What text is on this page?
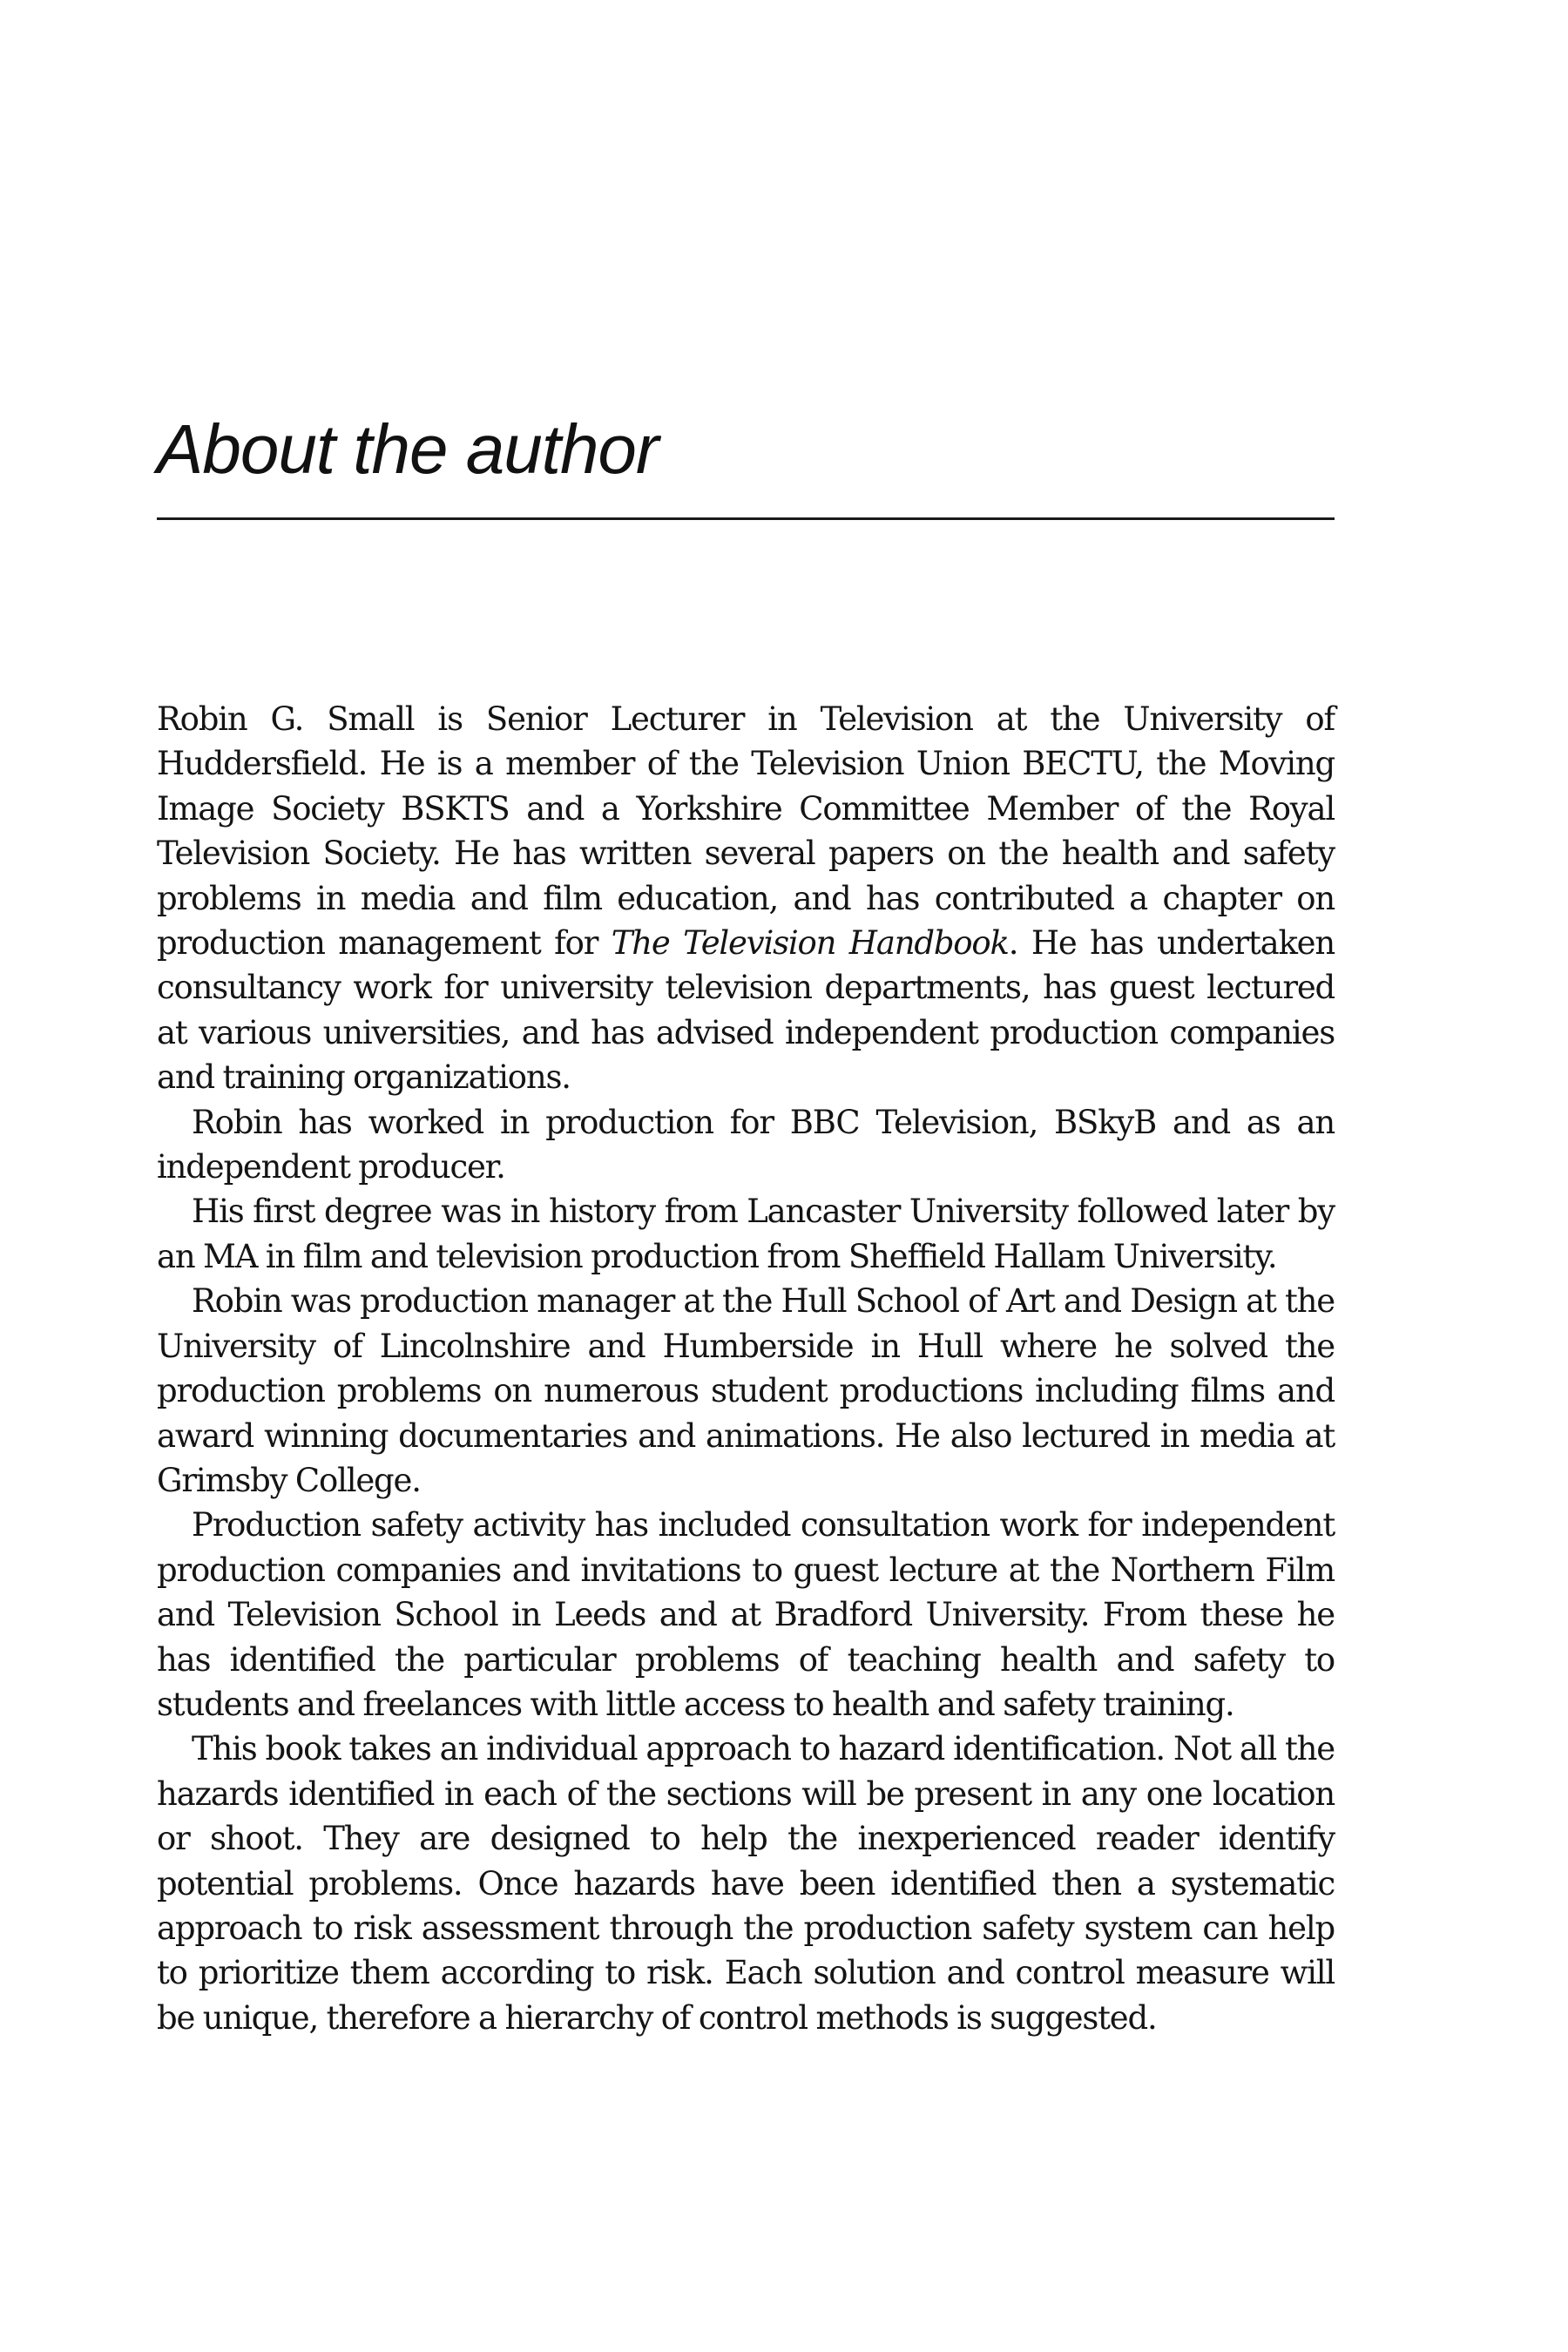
About the author

Robin G. Small is Senior Lecturer in Television at the University of Huddersfield. He is a member of the Television Union BECTU, the Moving Image Society BSKTS and a Yorkshire Committee Member of the Royal Television Society. He has written several papers on the health and safety problems in media and film education, and has contributed a chapter on production management for The Television Handbook. He has undertaken consultancy work for university television departments, has guest lectured at various universities, and has advised independent production companies and training organizations.

Robin has worked in production for BBC Television, BSkyB and as an independent producer.

His first degree was in history from Lancaster University followed later by an MA in film and television production from Sheffield Hallam University.

Robin was production manager at the Hull School of Art and Design at the University of Lincolnshire and Humberside in Hull where he solved the production problems on numerous student productions including films and award winning documentaries and animations. He also lectured in media at Grimsby College.

Production safety activity has included consultation work for independent production companies and invitations to guest lecture at the Northern Film and Television School in Leeds and at Bradford University. From these he has identified the particular problems of teaching health and safety to students and freelances with little access to health and safety training.

This book takes an individual approach to hazard identification. Not all the hazards identified in each of the sections will be present in any one location or shoot. They are designed to help the inexperienced reader identify potential problems. Once hazards have been identified then a systematic approach to risk assessment through the production safety system can help to prioritize them according to risk. Each solution and control measure will be unique, therefore a hierarchy of control methods is suggested.
